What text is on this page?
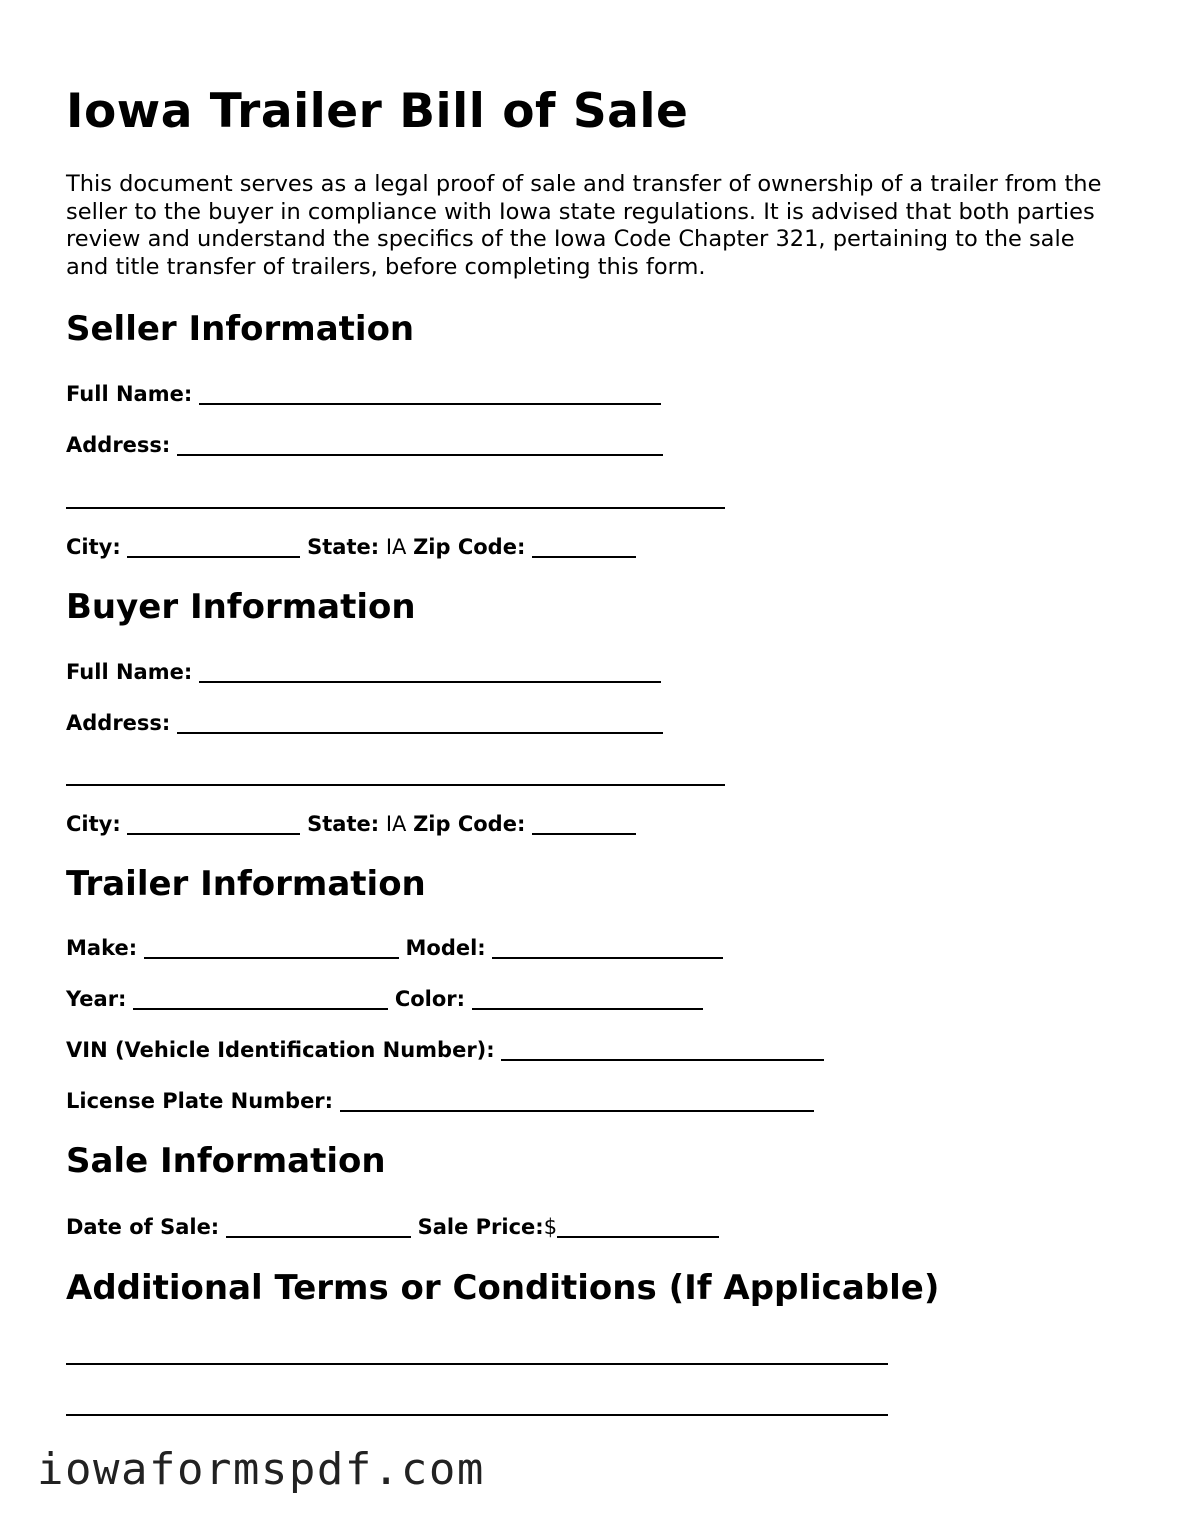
Iowa Trailer Bill of Sale

This document serves as a legal proof of sale and transfer of ownership of a trailer from the seller to the buyer in compliance with Iowa state regulations. It is advised that both parties review and understand the specifics of the Iowa Code Chapter 321, pertaining to the sale and title transfer of trailers, before completing this form.

Seller Information
Full Name:
Address:
City:	State: IA Zip Code:
Buyer Information
Full Name:
Address:
City:	State: IA Zip Code:
Trailer Information
Make:	Model:
Year:	Color:
VIN (Vehicle Identification Number):
License Plate Number:
Sale Information
Date of Sale:	Sale Price:$
Additional Terms or Conditions (If Applicable)
iowaformspdf.com
